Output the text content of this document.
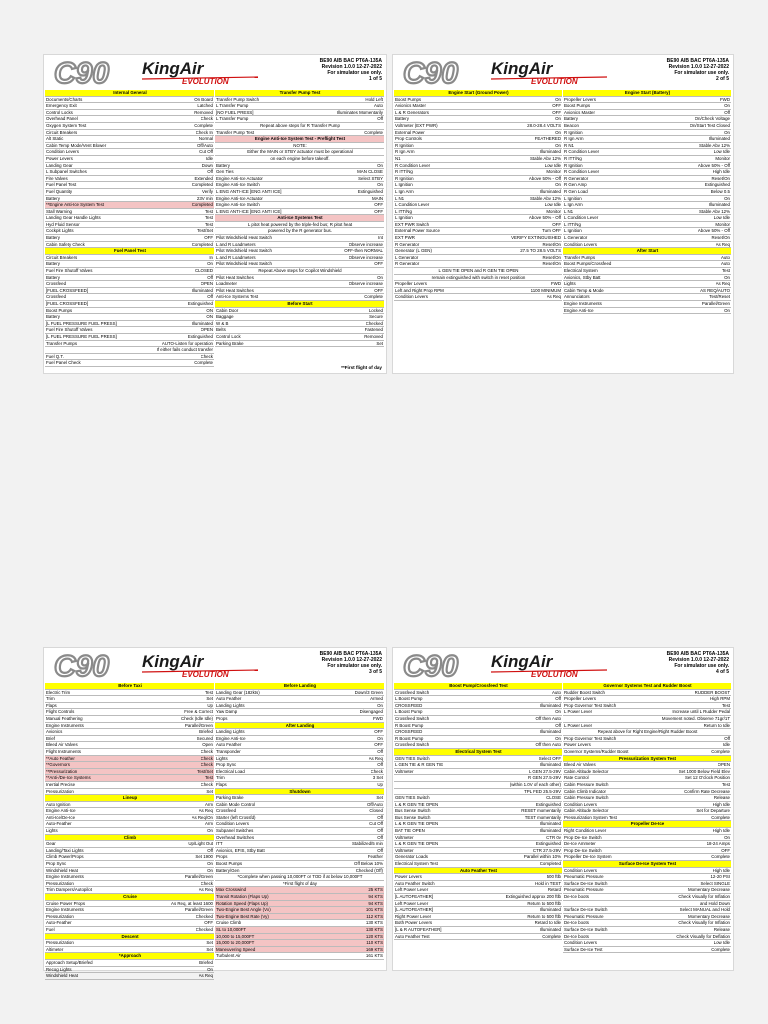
C90 KingAir
EVOLUTION
BE90 AIB BAC PT6A-135A
Revision 1.0.0 12-27-2022
For simulator use only.
1 of 5
Internal General
Documents/Charts	On Board
Emergency Exit	Latched
Control Locks	Removed
Overhead Panel	Check
Oxygen System Test	Complete
Circuit Breakers	Check In
Alt Static	Normal
Cabin Temp Mode/Vent Blower	Off/Auto
Condition Levers	Cut Off
Power Levers	Idle
Landing Gear	Down
L Subpanel Switches	Off
Fire Valves	Extended
Fuel Panel Test	Completed
Fuel Quantity	Verify
Battery	23V min
**Engine Anti-Ice System Test	Completed
Stall Warning	Test
Landing Gear Handle Lights	Test
Hyd Fluid Sensor	Test
Cockpit Lights	Test/Set
Battery	OFF
Cabin Safety Check	Completed
Fuel Panel Test
Circuit Breakers	In
Battery	On
Fuel Fire Shutoff Valves	CLOSED
Battery	Off
Crossfeed	OPEN
[FUEL CROSSFEED]	Illuminated
Crossfeed	Off
[FUEL CROSSFEED]	Extinguished
Boost Pumps	ON
Battery	ON
[L FUEL PRESSURE FUEL PRESS]	Illuminated
Fuel Fire Shutoff Valves	OPEN
[L FUEL PRESSURE FUEL PRESS]	Extinguished
Transfer Pumps	AUTO-Listen for operation
If either fails conduct transfer
Fuel Q.T.	Check
Fuel Panel Check	Complete
Transfer Pump Test
Transfer Pump Switch	Hold Left
L Transfer Pump	Auto
[NO FUEL PRESS]	Illuminates Momentarily
L Transfer Pump	Off
Repeat above steps for R Transfer Pump
Transfer Pump Test	Complete
Engine Anti-Ice System Test - Preflight Test
NOTE:
Either the MAIN or STBY actuator must be operational
on each engine before takeoff.
Battery	On
Gen Ties	MAN CLOSE
Engine Anti-Ice Actuator	Select STBY
Engine Anti-Ice Switch	On
L ENG ANTI-ICE [ENG ANTI ICE]	Extinguished
Engine Anti-Ice Actuator	MAIN
Engine Anti-Ice Switch	OFF
L ENG ANTI-ICE [ENG ANTI ICE]	OFF
Anti-Ice Systems Test
L pitot heat powered by the triple-fed bus; R pitot heat
powered by the R generator bus.
Pilot Windshield Heat Switch	Int
L and R Loadmeters	Observe increase
Pilot Windshield Heat Switch	OFF-then NORMAL
L and R Loadmeters	Observe increase
Pilot Windshield Heat Switch	OFF
Repeat Above steps for Copilot Windshield
Pilot Heat Switches	On
Loadmeter	Observe increase
Pilot Heat Switches	OFF
Anti-Ice Systems Test	Complete
Before Start
Cabin Door	Locked
Baggage	Secure
W & B	Checked
Belts	Fastened
Control Lock	Removed
Parking Brake	Set
**First flight of day
C90 KingAir
EVOLUTION
BE90 AIB BAC PT6A-135A
Revision 1.0.0 12-27-2022
For simulator use only.
2 of 5
Engine Start (Ground Power)
Boost Pumps	On
Avionics Master	OFF
L & R Generators	OFF
Battery	On
Voltmeter (EXT PWR)	28.0-28.4 VOLTS
External Power	On
Prop Controls	FEATHERED
R Ignition	On
R Ign Arm	Illuminated
N1	Stable Abv 12%
R Condition Lever	Low Idle
R ITT/Ng	Monitor
R Ignition	Above 50% - Off
L Ignition	On
L Ign Arm	Illuminated
L N1	Stable Abv 12%
L Condition Lever	Low Idle
L ITT/Ng	Monitor
L Ignition	Above 50% - Off
EXT PWR Switch	OFF
External Power Source	Turn OFF
EXT PWR	VERIFY EXTINGUISHED
R Generator	Reset/On
Generator (L GEN)	27.5 TO 28.5 VOLTS
L Generator	Reset/On
R Generator	Reset/On
L GEN TIE OPEN and R GEN TIE OPEN
remain extinguished with switch in reset position
Propeller Levers	FWD
Left and Right Prop RPM	1100 MINIMUM
Condition Levers	As Req
Engine Start (Battery)
Propeller Levers	FWD
Boost Pumps	On
Avionics Master	Off
Battery	On/Check Voltage
Beacon	On/Start Test Closed
R Ignition	On
R Ign Arm	Illuminated
R N1	Stable Abv 12%
R Condition Lever	Low Idle
R ITT/Ng	Monitor
R Ignition	Above 50% - Off
R Condition Lever	High Idle
R Generator	Reset/On
R Gen Amp	Extinguished
R Gen Load	Below 0.5
L Ignition	On
L Ign Arm	Illuminated
L N1	Stable Abv 12%
L Condition Lever	Low Idle
L ITT/Ng	Monitor
L Ignition	Above 50% - Off
L Generator	Reset/On
Condition Levers	As Req
After Start
Transfer Pumps	Auto
Boost Pumps/Crossfeed	Auto
Electrical System	Test
Avionics, Stby Batt	On
Lights	As Req
Cabin Temp & Mode	AS REQ/AUTO
Annunciators	Test/Reset
Engine Instruments	Parallel/Green
Engine Anti-Ice	On
C90 KingAir
EVOLUTION
BE90 AIB BAC PT6A-135A
Revision 1.0.0 12-27-2022
For simulator use only.
3 of 5
Before Taxi
Electric Trim	Test
Trim	Set
Flaps	Up
Flight Controls	Free & Correct
Manual Feathering	Check (Idle Idle)
Engine Instruments	Parallel/Green
Avionics	Briefed
Brief	Secured
Bleed Air Valves	Open
Flight Instruments	Check
**Auto Feather	Check
**Governors	Check
**Pressurization	Test/Set
**Anti-/De-Ice Systems	Test
Inertial Precise	Check
Pressurization	Set
Lineup
Auto Ignition	Arm
Engine Anti-Ice	As Req
Anti-Ice/De-Ice	As Req/On
Auto-Feather	Arm
Lights	On
Climb
Gear	Up/Light Out
Landing/Taxi Lights	Off
Climb Power/Props	Set 1900
Prop Sync	On
Windshield Heat	On
Engine Instruments	Parallel/Green
Pressurization	Check
Trim Dampers/Autopilot	As Req
Cruise
Cruise Power Props	As Req, at least 1600
Engine Instruments	Parallel/Green
Pressurization	Checked
Auto-Feather	OFF
Fuel	Checked
Descent
Pressurization	Set
Altimeter	Set
*Approach
Approach Setup/Briefed	Briefed
Recog Lights	On
Windshield Heat	As Req
Before Landing
Landing Gear (182kts)	Down/3 Green
Auto Feather	Armed
Landing Lights	On
Yaw Damp	Disengaged
Props	FWD
After Landing
Landing Lights	OFF
Engine Anti-Ice	On
Auto Feather	OFF
Transponder	Off
Lights	As Req
Prop Sync	Off
Electrical Load	Check
Trim	3 Set
Flaps	Up
Shutdown
Parking Brake	Set
Cabin Mode Control	Off/Auto
Crossfeed	Closed
Starter (left Crossfd)	Off
Condition Levers	Cut Off
Subpanel Switches	Off
Overhead Switches	Off
ITT	Stabilized/5 min
Avionics, EFIS, Stby Batt	Off
Props	Feather
Boost Pumps	Off Below 10%
Battery/Gen	Checked (Off)
*Complete when passing 10,000FT or TOD if at below 10,000FT
*First flight of day
Max Crosswind	25 KTS
Transit Rotation (Flaps Up)	94 KTS
Rotation Speed (Flaps Up)	94 KTS
Two-Engine Best Angle (Vx)	101 KTS
Two-Engine Best Rate (Vy)	112 KTS
Cruise Climb	130 KTS
SL to 10,000FT	130 KTS
10,000 to 15,000FT	120 KTS
15,000 to 20,000FT	110 KTS
Maneuvering Speed	169 KTS
Turbulent Air	161 KTS
C90 KingAir
EVOLUTION
BE90 AIB BAC PT6A-135A
Revision 1.0.0 12-27-2022
For simulator use only.
4 of 5
Boost Pump/Crossfeed Test
Crossfeed Switch	Auto
L Boost Pump	Off
CROSSFEED	Illuminated
L Boost Pump	On
Crossfeed Switch	Off then Auto
R Boost Pump	Off
CROSSFEED	Illuminated
R Boost Pump	On
Crossfeed Switch	Off then Auto
Electrical System Test
GEN TIES Switch	Select OFF
L GEN TIE & R GEN TIE	Illuminated
Voltmeter	L GEN 27.5-29V
R GEN 27.5-29V
(within 1.0V of each other)
TPL FED 25.5-29V
GEN TIES Switch	CLOSE
L & R GEN TIE OPEN	Extinguished
Bus Sense Switch	RESET momentarily
Bus Sense Switch	TEST momentarily
L & R GEN TIE OPEN	Illuminated
BAT TIE OPEN	Illuminated
Voltmeter	CTR 0v
L & R GEN TIE OPEN	Extinguished
Voltmeter	CTR 27.5-29V
Generator Loads	Parallel within 10%
Electrical System Test	Completed
Auto Feather Test
Power Levers	500 ftlb
Auto Feather Switch	Hold in TEST
Left Power Lever	Retard
[L AUTOFEATHER]	Extinguished approx 200 ftlb
Left Power Lever	Return to 500 ftlb
[L AUTOFEATHER]	Illuminated
Right Power Lever	Return to 500 ftlb
Both Power Levers	Retard to Idle
[L & R AUTOFEATHER]	Illuminated
Auto Feather Test	Complete
Governor Systems Test and Rudder Boost
Rudder Boost Switch	RUDDER BOOST
Propeller Levers	High RPM
Prop Governor Test Switch	Test
L Power Lever	Increase until L Rudder Pedal
Movement noted. Observe 71gr/1T
L Power Lever	Return to Idle
Repeat above for Right Engine/Right Rudder Boost
Prop Governor Test Switch	Off
Power Levers	Idle
Governor Systems/Rudder Boost	Complete
Pressurization System Test
Bleed Air Valves	OPEN
Cabin Altitude Selector	Set 1000 Below Field Elev
Rate Control	Set 12 O'clock Position
Cabin Pressure Switch	Test
Cabin Climb Indicator	Confirm Rate Decrease
Cabin Pressure Switch	Release
Condition Levers	High Idle
Cabin Altitude Selector	Set for Departure
Pressurization System Test	Complete
Propeller De-Ice
Right Condition Lever	High Idle
Prop De-Ice Switch	On
De-Ice Ammeter	18-24 Amps
Prop De-Ice Switch	OFF
Propeller De-Ice System	Complete
Surface De-Ice System Test
Condition Levers	High Idle
Pneumatic Pressure	12-20 PSI
Surface De-Ice Switch	Select SINGLE
Pneumatic Pressure	Momentary Decrease
De-Ice boots	Check Visually for Inflation
and Hold Down
Surface De-Ice Switch	Select MANUAL and Hold
Pneumatic Pressure	Momentary Decrease
De-Ice boots	Check Visually for Inflation
Surface De-Ice Switch	Release
De-Ice boots	Check Visually for Deflation
Condition Levers	Low Idle
Surface De-Ice Test	Complete
